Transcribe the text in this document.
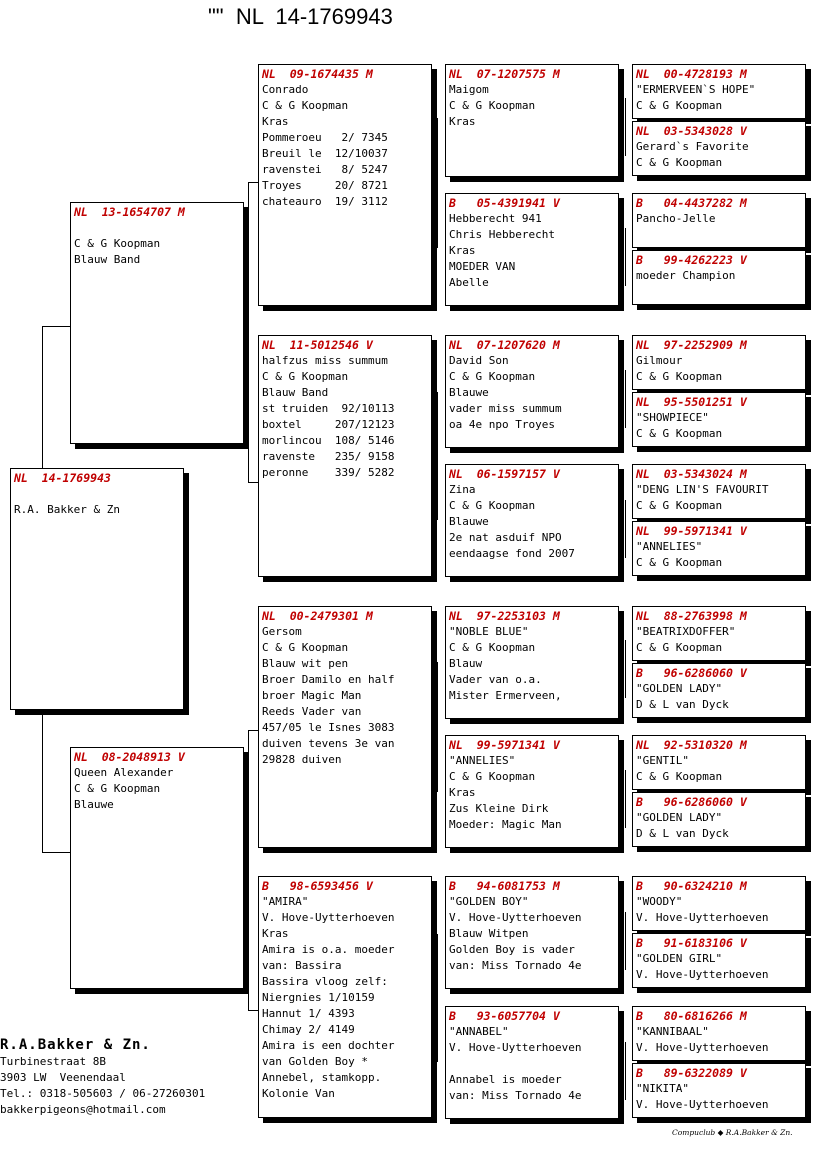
""  NL  14-1769943
NL  14-1769943
R.A. Bakker & Zn
NL  13-1654707 M
C & G Koopman
Blauw Band
NL  08-2048913 V
Queen Alexander
C & G Koopman
Blauwe
NL  09-1674435 M
Conrado
C & G Koopman
Kras
Pommeroeu   2/ 7345
Breuil le  12/10037
ravenstei   8/ 5247
Troyes     20/ 8721
chateauro  19/ 3112
NL  11-5012546 V
halfzus miss summum
C & G Koopman
Blauw Band
st truiden  92/10113
boxtel     207/12123
morlincou  108/ 5146
ravenste   235/ 9158
peronne    339/ 5282
NL  00-2479301 M
Gersom
C & G Koopman
Blauw wit pen
Broer Damilo en half
broer Magic Man
Reeds Vader van
457/05 le Isnes 3083
duiven tevens 3e van
29828 duiven
B   98-6593456 V
"AMIRA"
V. Hove-Uytterhoeven
Kras
Amira is o.a. moeder
van: Bassira
Bassira vloog zelf:
Niergnies 1/10159
Hannut 1/ 4393
Chimay 2/ 4149
Amira is een dochter
van Golden Boy *
Annebel, stamkopp.
Kolonie Van
NL  07-1207575 M
Maigom
C & G Koopman
Kras
B   05-4391941 V
Hebberecht 941
Chris Hebberecht
Kras
MOEDER VAN
Abelle
NL  07-1207620 M
David Son
C & G Koopman
Blauwe
vader miss summum
oa 4e npo Troyes
NL  06-1597157 V
Zina
C & G Koopman
Blauwe
2e nat asduif NPO
eendaagse fond 2007
NL  97-2253103 M
"NOBLE BLUE"
C & G Koopman
Blauw
Vader van o.a.
Mister Ermerveen,
NL  99-5971341 V
"ANNELIES"
C & G Koopman
Kras
Zus Kleine Dirk
Moeder: Magic Man
B   94-6081753 M
"GOLDEN BOY"
V. Hove-Uytterhoeven
Blauw Witpen
Golden Boy is vader
van: Miss Tornado 4e
B   93-6057704 V
"ANNABEL"
V. Hove-Uytterhoeven
Annabel is moeder
van: Miss Tornado 4e
NL  00-4728193 M
"ERMERVEEN`S HOPE"
C & G Koopman
NL  03-5343028 V
Gerard`s Favorite
C & G Koopman
B   04-4437282 M
Pancho-Jelle
B   99-4262223 V
moeder Champion
NL  97-2252909 M
Gilmour
C & G Koopman
NL  95-5501251 V
"SHOWPIECE"
C & G Koopman
NL  03-5343024 M
"DENG LIN'S FAVOURIT
C & G Koopman
NL  99-5971341 V
"ANNELIES"
C & G Koopman
NL  88-2763998 M
"BEATRIXDOFFER"
C & G Koopman
B   96-6286060 V
"GOLDEN LADY"
D & L van Dyck
NL  92-5310320 M
"GENTIL"
C & G Koopman
B   96-6286060 V
"GOLDEN LADY"
D & L van Dyck
B   90-6324210 M
"WOODY"
V. Hove-Uytterhoeven
B   91-6183106 V
"GOLDEN GIRL"
V. Hove-Uytterhoeven
B   80-6816266 M
"KANNIBAAL"
V. Hove-Uytterhoeven
B   89-6322089 V
"NIKITA"
V. Hove-Uytterhoeven
R.A.Bakker & Zn.
Turbinestraat 8B
3903 LW  Veenendaal
Tel.: 0318-505603 / 06-27260301
bakkerpigeons@hotmail.com
Compuclub ◆ R.A.Bakker & Zn.
